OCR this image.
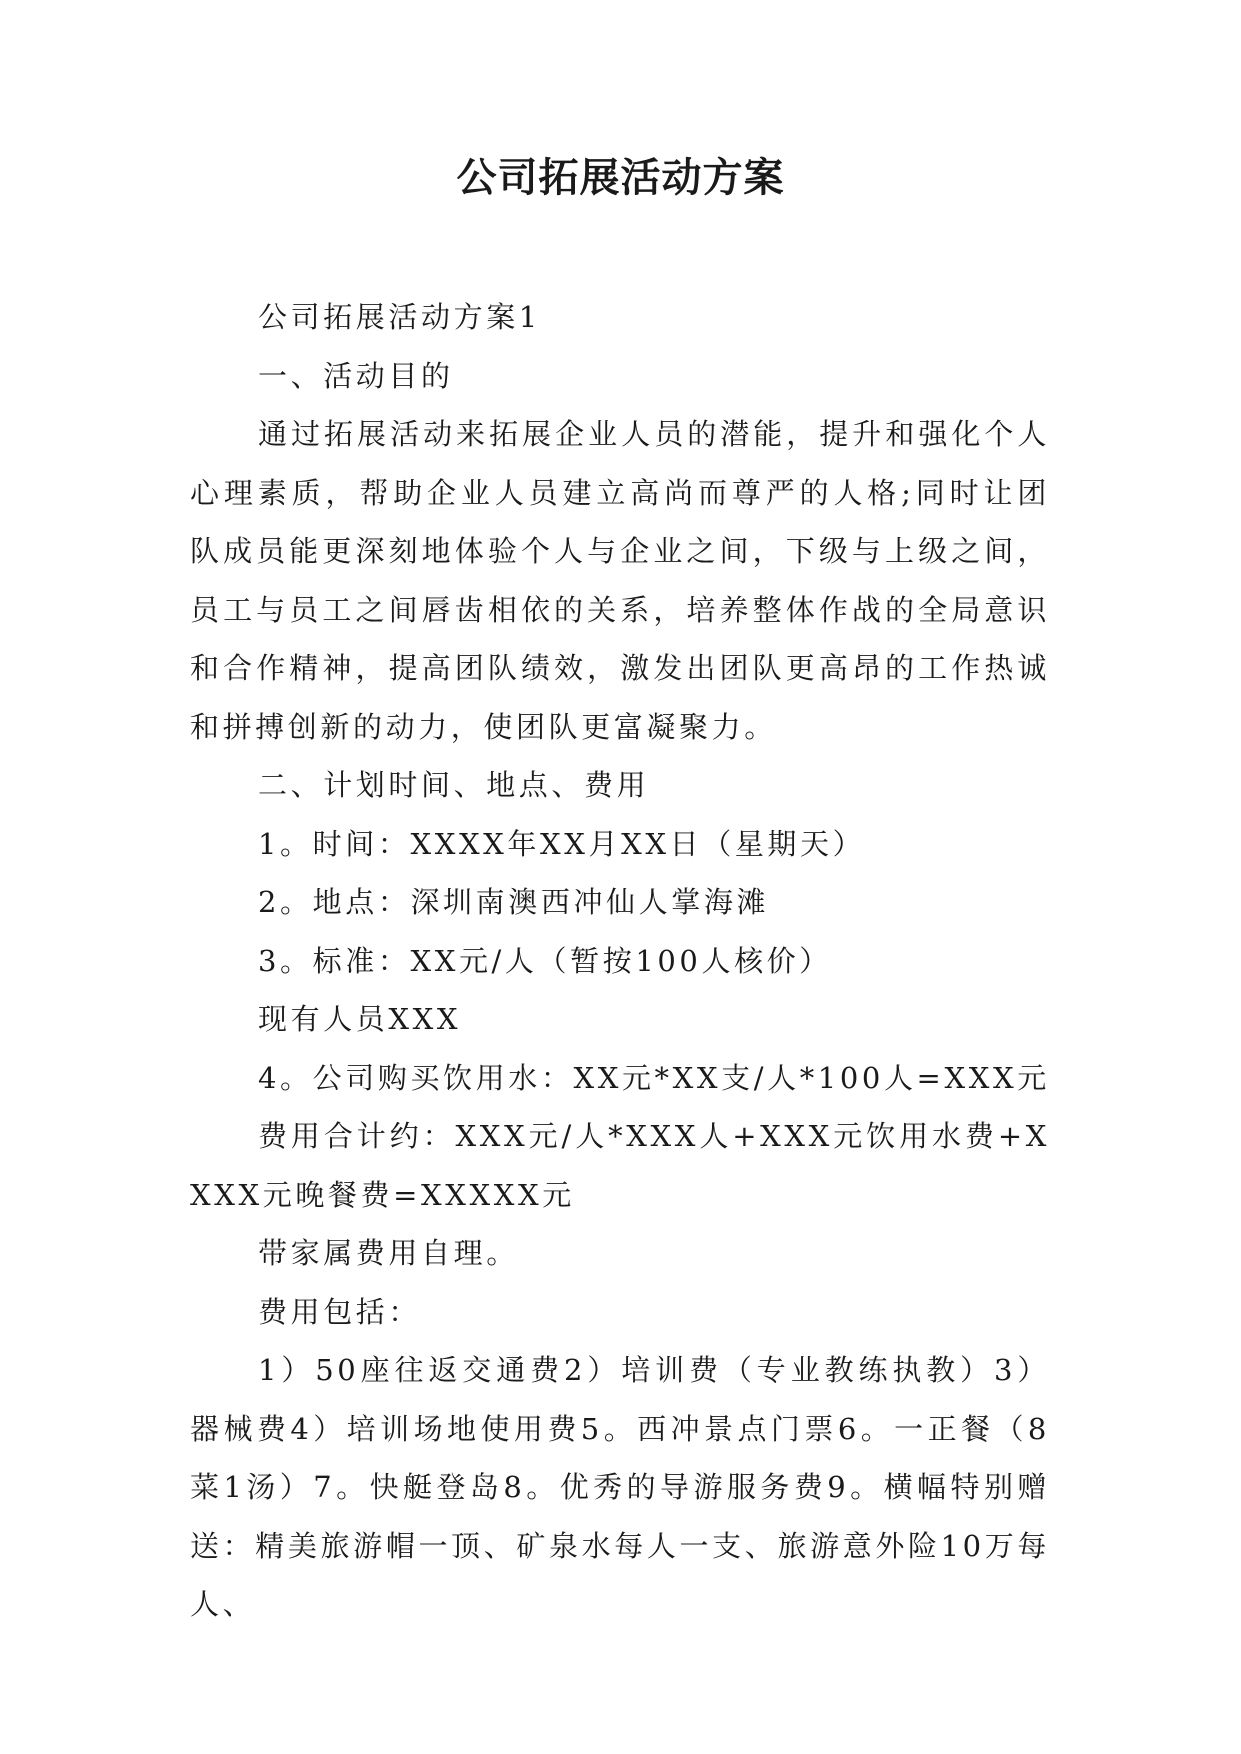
公司拓展活动方案

公司拓展活动方案1

一、活动目的

通过拓展活动来拓展企业人员的潜能，提升和强化个人心理素质，帮助企业人员建立高尚而尊严的人格;同时让团队成员能更深刻地体验个人与企业之间，下级与上级之间，员工与员工之间唇齿相依的关系，培养整体作战的全局意识和合作精神，提高团队绩效，激发出团队更高昂的工作热诚和拼搏创新的动力，使团队更富凝聚力。

二、计划时间、地点、费用

1。时间：XXXX年XX月XX日（星期天）

2。地点：深圳南澳西冲仙人掌海滩

3。标准：XX元/人（暂按100人核价）

现有人员XXX

4。公司购买饮用水：XX元*XX支/人*100人=XXX元

费用合计约：XXX元/人*XXX人+XXX元饮用水费+XXXX元晚餐费=XXXXX元

带家属费用自理。

费用包括：

1）50座往返交通费2）培训费（专业教练执教）3）器械费4）培训场地使用费5。西冲景点门票6。一正餐（8菜1汤）7。快艇登岛8。优秀的导游服务费9。横幅特别赠送：精美旅游帽一顶、矿泉水每人一支、旅游意外险10万每人、
